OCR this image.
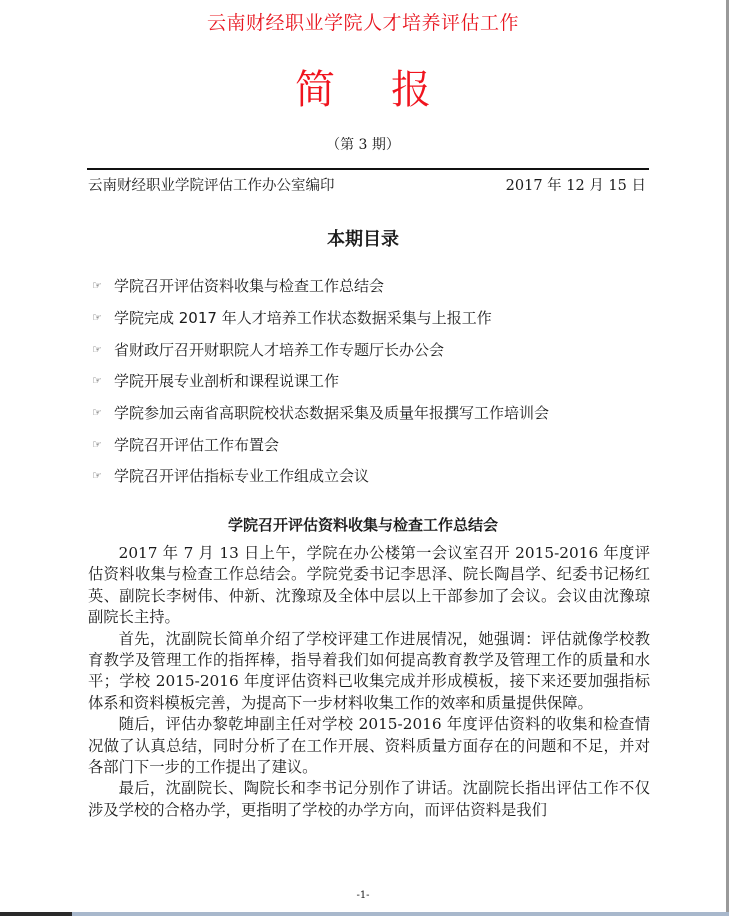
云南财经职业学院人才培养评估工作
简报
（第 3 期）
云南财经职业学院评估工作办公室编印	2017 年 12 月 15 日
本期目录
☞ 学院召开评估资料收集与检查工作总结会
☞ 学院完成 2017 年人才培养工作状态数据采集与上报工作
☞ 省财政厅召开财职院人才培养工作专题厅长办公会
☞ 学院开展专业剖析和课程说课工作
☞ 学院参加云南省高职院校状态数据采集及质量年报撰写工作培训会
☞ 学院召开评估工作布置会
☞ 学院召开评估指标专业工作组成立会议
学院召开评估资料收集与检查工作总结会

2017 年 7 月 13 日上午，学院在办公楼第一会议室召开 2015-2016 年度评估资料收集与检查工作总结会。学院党委书记李思泽、院长陶昌学、纪委书记杨红英、副院长李树伟、仲新、沈豫琼及全体中层以上干部参加了会议。会议由沈豫琼副院长主持。

首先，沈副院长简单介绍了学校评建工作进展情况，她强调：评估就像学校教育教学及管理工作的指挥棒，指导着我们如何提高教育教学及管理工作的质量和水平；学校 2015-2016 年度评估资料已收集完成并形成模板，接下来还要加强指标体系和资料模板完善，为提高下一步材料收集工作的效率和质量提供保障。

随后，评估办黎乾坤副主任对学校 2015-2016 年度评估资料的收集和检查情况做了认真总结，同时分析了在工作开展、资料质量方面存在的问题和不足，并对各部门下一步的工作提出了建议。

最后，沈副院长、陶院长和李书记分别作了讲话。沈副院长指出评估工作不仅涉及学校的合格办学，更指明了学校的办学方向，而评估资料是我们

-1-
